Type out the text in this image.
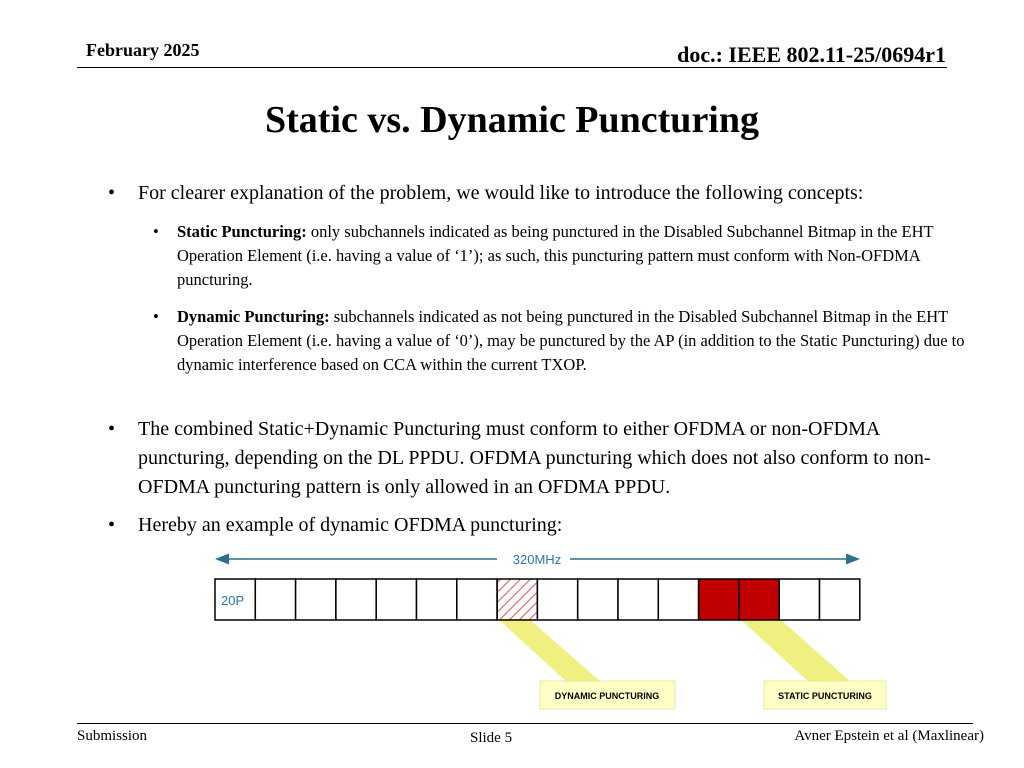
February 2025	doc.: IEEE 802.11-25/0694r1
Static vs. Dynamic Puncturing
• For clearer explanation of the problem, we would like to introduce the following concepts:
• Static Puncturing: only subchannels indicated as being punctured in the Disabled Subchannel Bitmap in the EHT Operation Element (i.e. having a value of ‘1’); as such, this puncturing pattern must conform with Non-OFDMA puncturing.
• Dynamic Puncturing: subchannels indicated as not being punctured in the Disabled Subchannel Bitmap in the EHT Operation Element (i.e. having a value of ‘0’), may be punctured by the AP (in addition to the Static Puncturing) due to dynamic interference based on CCA within the current TXOP.
• The combined Static+Dynamic Puncturing must conform to either OFDMA or non-OFDMA puncturing, depending on the DL PPDU. OFDMA puncturing which does not also conform to non-OFDMA puncturing pattern is only allowed in an OFDMA PPDU.
• Hereby an example of dynamic OFDMA puncturing:
320MHz
20P
DYNAMIC PUNCTURING	STATIC PUNCTURING
Submission	Slide 5	Avner Epstein et al (Maxlinear)
